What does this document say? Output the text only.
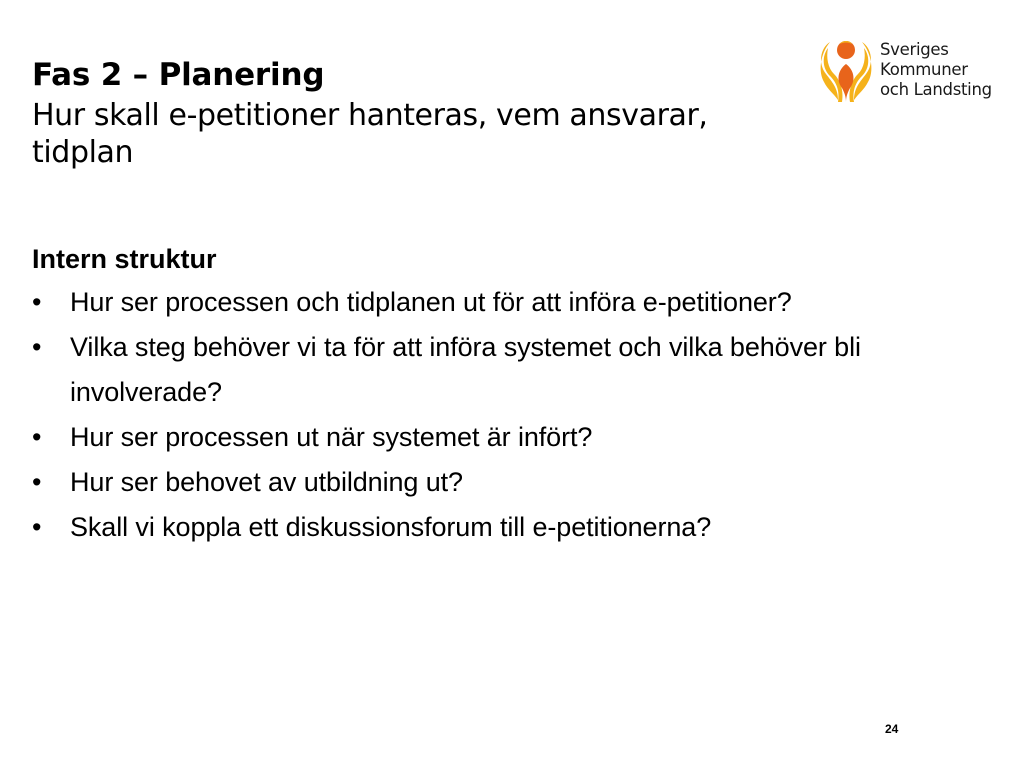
Fas 2 – Planering
Hur skall e-petitioner hanteras, vem ansvarar,
tidplan
Sveriges
Kommuner
och Landsting
Intern struktur
•	Hur ser processen och tidplanen ut för att införa e-petitioner?
•	Vilka steg behöver vi ta för att införa systemet och vilka behöver bli involverade?
•	Hur ser processen ut när systemet är infört?
•	Hur ser behovet av utbildning ut?
•	Skall vi koppla ett diskussionsforum till e-petitionerna?
24
